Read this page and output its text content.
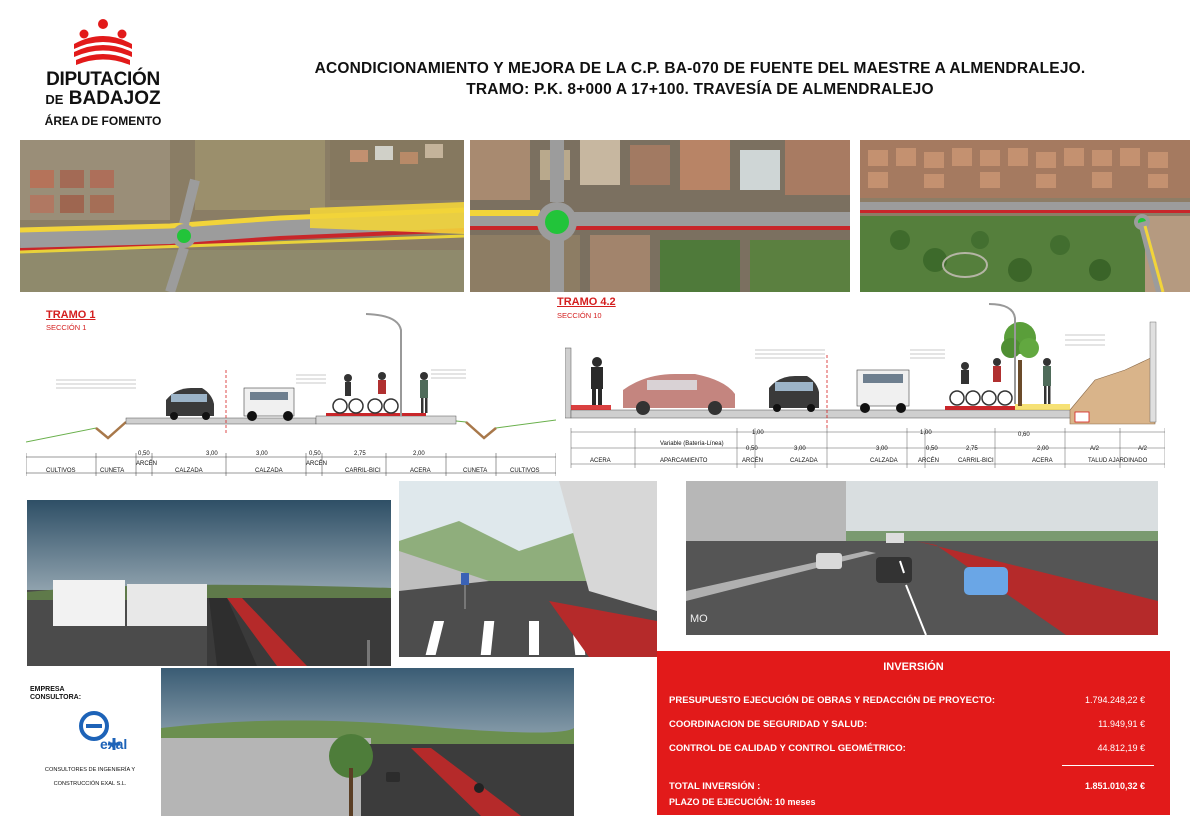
DIPUTACIÓN
DE BADAJOZ
ÁREA DE FOMENTO
ACONDICIONAMIENTO Y MEJORA DE LA C.P. BA-070 DE FUENTE DEL MAESTRE A ALMENDRALEJO.
TRAMO: P.K. 8+000 A 17+100. TRAVESÍA DE ALMENDRALEJO
TRAMO 1
SECCIÓN 1
0,50	3,00	3,00	0,50	2,75	2,00
CULTIVOS	CUNETA
ARCÉN
CALZADA	CALZADA
ARCÉN
CARRIL-BICI	ACERA	CUNETA	CULTIVOS
TRAMO 4.2
SECCIÓN 10
Variable (Batería-Línea)
1,00
3,00	3,00
1,00
0,50	0,50	2,75	2,00	A/2	A/2
0,60
ACERA	APARCAMIENTO	ARCÉN	CALZADA	CALZADA	ARCÉN	CARRIL-BICI	ACERA	TALUD AJARDINADO
MO
EMPRESA
CONSULTORA:
exal
CONSULTORES DE INGENIERÍA Y
CONSTRUCCIÓN EXAL S.L.
INVERSIÓN
PRESUPUESTO EJECUCIÓN DE OBRAS Y REDACCIÓN DE PROYECTO:	1.794.248,22 €
COORDINACION DE SEGURIDAD Y SALUD:	11.949,91 €
CONTROL DE CALIDAD Y CONTROL GEOMÉTRICO:	44.812,19 €
TOTAL INVERSIÓN :	1.851.010,32 €
PLAZO DE EJECUCIÓN: 10 meses
